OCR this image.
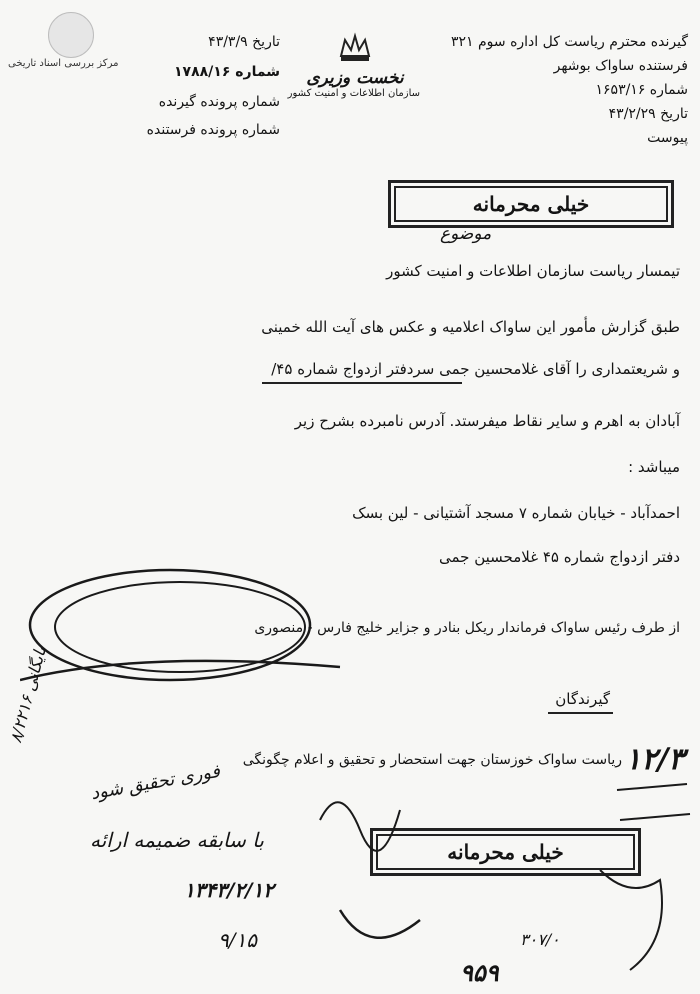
مرکز بررسی اسناد تاریخی
گیرنده محترم ریاست کل اداره سوم ۳۲۱
فرستنده ساواک بوشهر
شماره ۱۶۵۳/۱۶
تاریخ ۴۳/۲/۲۹
پیوست
نخست وزیری
سازمان اطلاعات و امنیت کشور
تاریخ ۴۳/۳/۹
شماره ۱۷۸۸/۱۶
شماره پرونده گیرنده
شماره پرونده فرستنده
خیلی محرمانه
موضوع
تیمسار ریاست سازمان اطلاعات و امنیت کشور
طبق گزارش مأمور این ساواک اعلامیه و عکس های آیت الله خمینی
و شریعتمداری را آقای غلامحسین جمی سردفتر ازدواج شماره ۴۵/
آبادان به اهرم و سایر نقاط میفرستد. آدرس نامبرده بشرح زیر
میباشد :
احمدآباد - خیابان شماره ۷ مسجد آشتیانی - لین بسک
دفتر ازدواج شماره ۴۵ غلامحسین جمی
از طرف رئیس ساواک فرماندار ریکل بنادر و جزایر خلیج فارس - منصوری
گیرندگان
ریاست ساواک خوزستان جهت استحضار و تحقیق و اعلام چگونگی ۱۲/۳
بایگانی ۸/۲۲۱۶
فوری تحقیق شود
با سابقه ضمیمه ارائه	خیلی محرمانه
۱۳۴۳/۲/۱۲
۹/۱۵	۳۰۷/۰
۹۵۹
